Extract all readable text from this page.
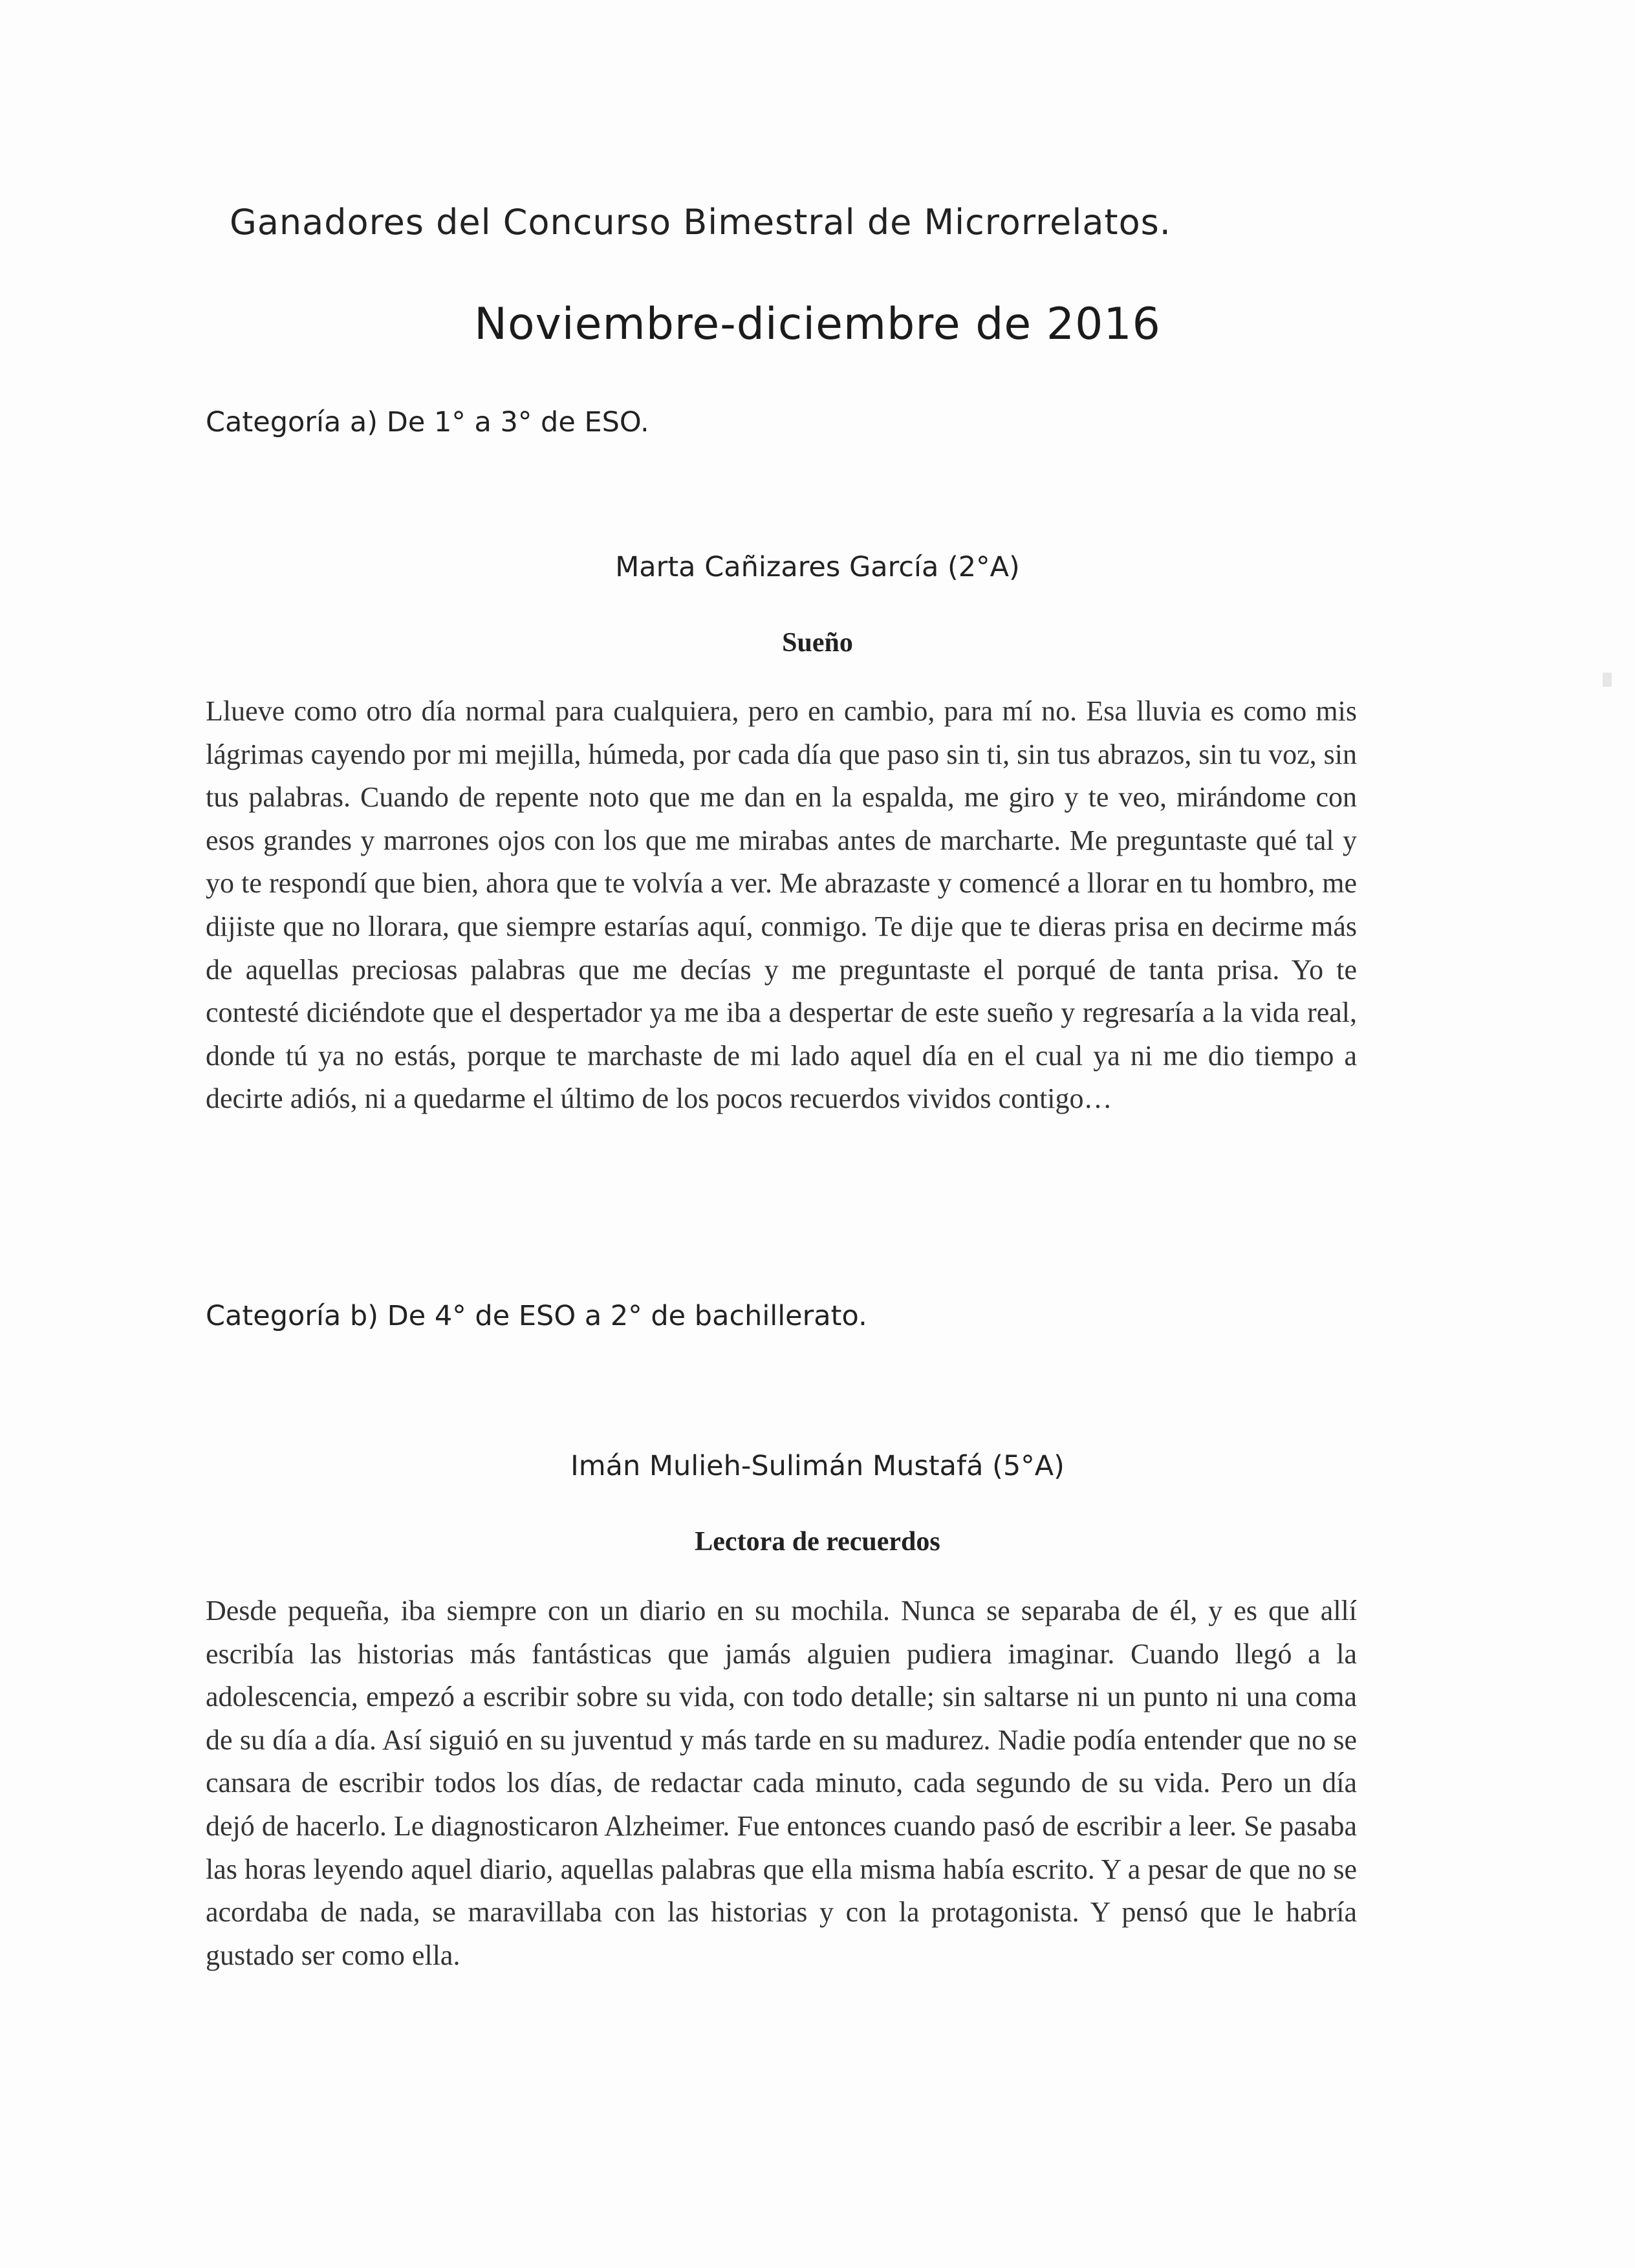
Ganadores del Concurso Bimestral de Microrrelatos.
Noviembre-diciembre de 2016
Categoría a) De 1° a 3° de ESO.
Marta Cañizares García (2°A)
Sueño

Llueve como otro día normal para cualquiera, pero en cambio, para mí no. Esa lluvia es como mis lágrimas cayendo por mi mejilla, húmeda, por cada día que paso sin ti, sin tus abrazos, sin tu voz, sin tus palabras. Cuando de repente noto que me dan en la espalda, me giro y te veo, mirándome con esos grandes y marrones ojos con los que me mirabas antes de marcharte. Me preguntaste qué tal y yo te respondí que bien, ahora que te volvía a ver. Me abrazaste y comencé a llorar en tu hombro, me dijiste que no llorara, que siempre estarías aquí, conmigo. Te dije que te dieras prisa en decirme más de aquellas preciosas palabras que me decías y me preguntaste el porqué de tanta prisa. Yo te contesté diciéndote que el despertador ya me iba a despertar de este sueño y regresaría a la vida real, donde tú ya no estás, porque te marchaste de mi lado aquel día en el cual ya ni me dio tiempo a decirte adiós, ni a quedarme el último de los pocos recuerdos vividos contigo…

Categoría b) De 4° de ESO a 2° de bachillerato.
Imán Mulieh-Sulimán Mustafá (5°A)
Lectora de recuerdos

Desde pequeña, iba siempre con un diario en su mochila. Nunca se separaba de él, y es que allí escribía las historias más fantásticas que jamás alguien pudiera imaginar. Cuando llegó a la adolescencia, empezó a escribir sobre su vida, con todo detalle; sin saltarse ni un punto ni una coma de su día a día. Así siguió en su juventud y más tarde en su madurez. Nadie podía entender que no se cansara de escribir todos los días, de redactar cada minuto, cada segundo de su vida. Pero un día dejó de hacerlo. Le diagnosticaron Alzheimer. Fue entonces cuando pasó de escribir a leer. Se pasaba las horas leyendo aquel diario, aquellas palabras que ella misma había escrito. Y a pesar de que no se acordaba de nada, se maravillaba con las historias y con la protagonista. Y pensó que le habría gustado ser como ella.
